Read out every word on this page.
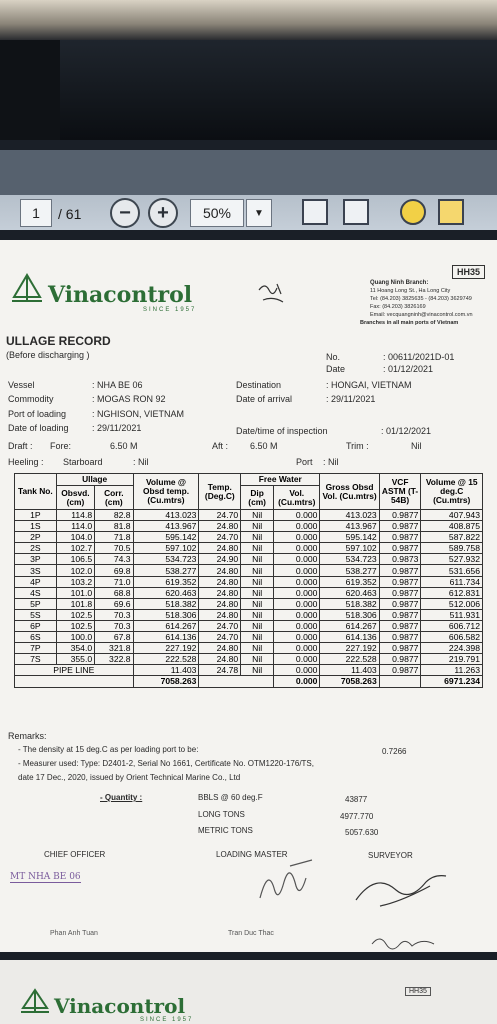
1	/ 61 − +	50%	▼
HH35
Vinacontrol
SINCE 1957
Quang Ninh Branch:
11 Hoang Long St., Ha Long City
Tel: (84.203) 3825635 - (84.203) 3629749
Fax: (84.203) 3826169
Email: vecquangninh@vinacontrol.com.vn
Branches in all main ports of Vietnam
ULLAGE RECORD
(Before discharging )	No.	: 00611/2021D-01
Date	: 01/12/2021
Vessel	: NHA BE 06
Commodity	: MOGAS RON 92
Port of loading	: NGHISON, VIETNAM
Date of loading	: 29/11/2021
Destination	: HONGAI, VIETNAM
Date of arrival	: 29/11/2021
Date/time of inspection	: 01/12/2021
Draft : Fore:	6.50 M	Aft : 6.50 M	Trim :	Nil
Heeling : Starboard	: Nil	Port : Nil
Tank No.	Ullage		Volume @ Obsd temp. (Cu.mtrs)	Temp. (Deg.C)	Free Water		Gross Obsd Vol. (Cu.mtrs)	VCF ASTM (T-54B)	Volume @ 15 deg.C (Cu.mtrs)
	Obsvd. (cm)	Corr. (cm)			Dip (cm)	Vol. (Cu.mtrs)			
1P	114.8	82.8	413.023	24.70	Nil	0.000	413.023	0.9877	407.943
1S	114.0	81.8	413.967	24.80	Nil	0.000	413.967	0.9877	408.875
2P	104.0	71.8	595.142	24.70	Nil	0.000	595.142	0.9877	587.822
2S	102.7	70.5	597.102	24.80	Nil	0.000	597.102	0.9877	589.758
3P	106.5	74.3	534.723	24.90	Nil	0.000	534.723	0.9873	527.932
3S	102.0	69.8	538.277	24.80	Nil	0.000	538.277	0.9877	531.656
4P	103.2	71.0	619.352	24.80	Nil	0.000	619.352	0.9877	611.734
4S	101.0	68.8	620.463	24.80	Nil	0.000	620.463	0.9877	612.831
5P	101.8	69.6	518.382	24.80	Nil	0.000	518.382	0.9877	512.006
5S	102.5	70.3	518.306	24.80	Nil	0.000	518.306	0.9877	511.931
6P	102.5	70.3	614.267	24.70	Nil	0.000	614.267	0.9877	606.712
6S	100.0	67.8	614.136	24.70	Nil	0.000	614.136	0.9877	606.582
7P	354.0	321.8	227.192	24.80	Nil	0.000	227.192	0.9877	224.398
7S	355.0	322.8	222.528	24.80	Nil	0.000	222.528	0.9877	219.791
PIPE LINE			11.403	24.78	Nil	0.000	11.403	0.9877	11.263
			7058.263			0.000	7058.263		6971.234
Remarks:
- The density at 15 deg.C as per loading port to be:	0.7266
- Measurer used: Type: D2401-2, Serial No 1661, Certificate No. OTM1220-176/TS,
date 17 Dec., 2020, issued by Orient Technical Marine Co., Ltd
- Quantity :	BBLS @ 60 deg.F	43877
LONG TONS	4977.770
METRIC TONS	5057.630
CHIEF OFFICER	LOADING MASTER	SURVEYOR
MT NHA BE 06
Phan Anh Tuan	Tran Duc Thac
Vinacontrol
SINCE 1957
HH35
